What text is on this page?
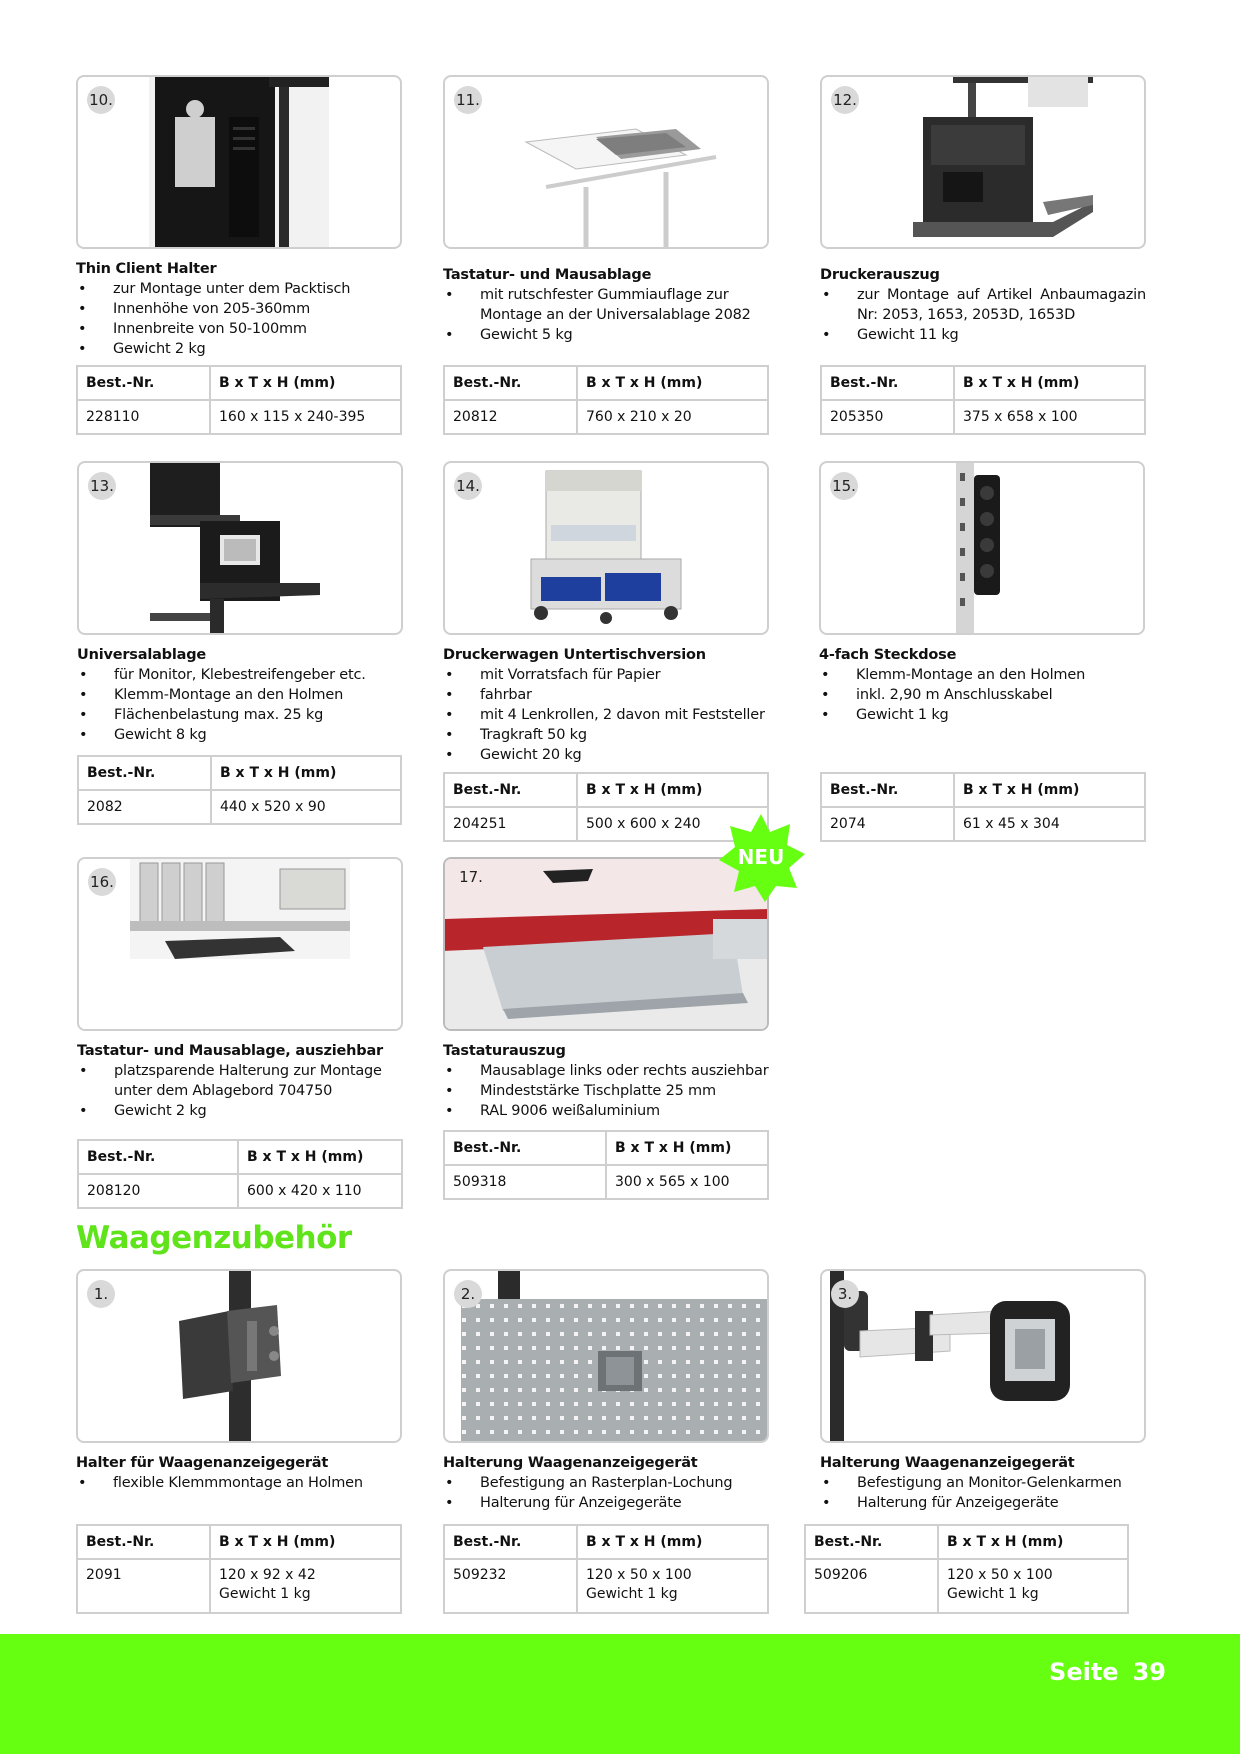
10.
Thin Client Halter
• zur Montage unter dem Packtisch
• Innenhöhe von 205-360mm
• Innenbreite von 50-100mm
• Gewicht 2 kg
Best.-Nr.	B x T x H (mm)
228110	160 x 115 x 240-395
11.
Tastatur- und Mausablage
• mit rutschfester Gummiauflage zur Montage an der Universalablage 2082
• Gewicht 5 kg
Best.-Nr.	B x T x H (mm)
20812	760 x 210 x 20
12.
Druckerauszug
• zur Montage auf Artikel Anbaumagazin Nr: 2053, 1653, 2053D, 1653D
• Gewicht 11 kg
Best.-Nr.	B x T x H (mm)
205350	375 x 658 x 100
13.
Universalablage
• für Monitor, Klebestreifengeber etc.
• Klemm-Montage an den Holmen
• Flächenbelastung max. 25 kg
• Gewicht 8 kg
Best.-Nr.	B x T x H (mm)
2082	440 x 520 x 90
14.
Druckerwagen Untertischversion
• mit Vorratsfach für Papier
• fahrbar
• mit 4 Lenkrollen, 2 davon mit Feststeller
• Tragkraft 50 kg
• Gewicht 20 kg
Best.-Nr.	B x T x H (mm)
204251	500 x 600 x 240
15.
4-fach Steckdose
• Klemm-Montage an den Holmen
• inkl. 2,90 m Anschlusskabel
• Gewicht 1 kg
Best.-Nr.	B x T x H (mm)
2074	61 x 45 x 304
16.
Tastatur- und Mausablage, ausziehbar
• platzsparende Halterung zur Montage unter dem Ablagebord 704750
• Gewicht 2 kg
Best.-Nr.	B x T x H (mm)
208120	600 x 420 x 110
17.
Tastaturauszug
• Mausablage links oder rechts ausziehbar
• Mindeststärke Tischplatte 25 mm
• RAL 9006 weißaluminium
Best.-Nr.	B x T x H (mm)
509318	300 x 565 x 100
NEU
Waagenzubehör
1.
Halter für Waagenanzeigegerät
• flexible Klemmmontage an Holmen
Best.-Nr.	B x T x H (mm)
2091	120 x 92 x 42
Gewicht 1 kg
2.
Halterung Waagenanzeigegerät
• Befestigung an Rasterplan-Lochung
• Halterung für Anzeigegeräte
Best.-Nr.	B x T x H (mm)
509232	120 x 50 x 100
Gewicht 1 kg
3.
Halterung Waagenanzeigegerät
• Befestigung an Monitor-Gelenkarmen
• Halterung für Anzeigegeräte
Best.-Nr.	B x T x H (mm)
509206	120 x 50 x 100
Gewicht 1 kg
Seite 39
